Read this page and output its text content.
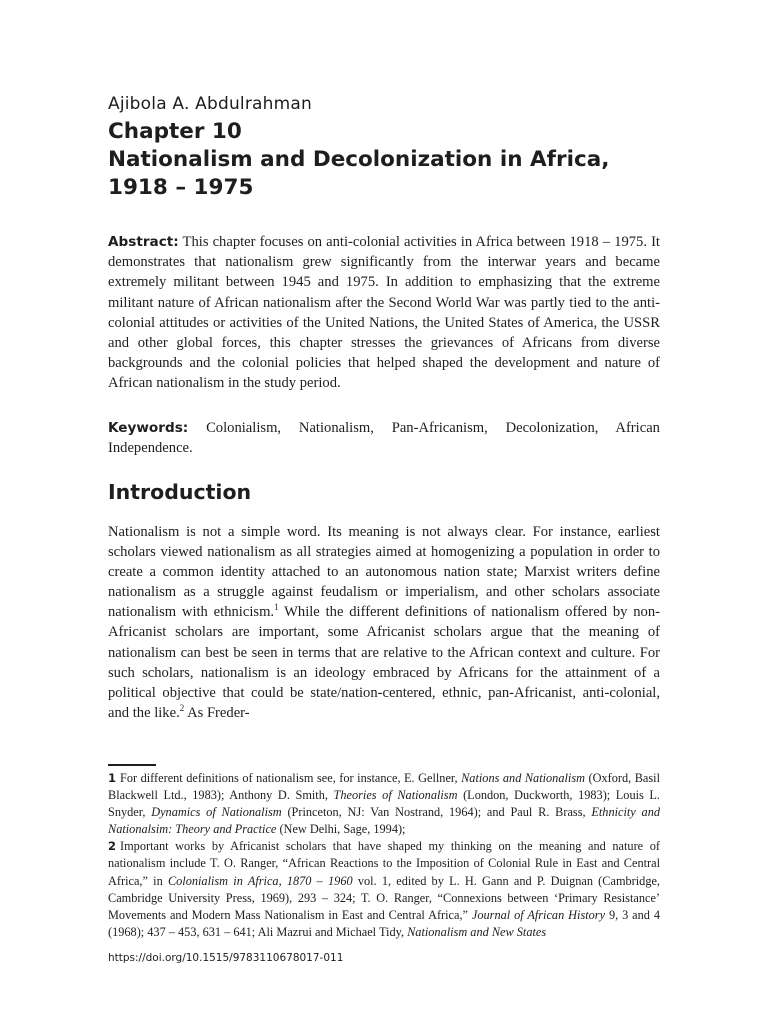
Ajibola A. Abdulrahman
Chapter 10
Nationalism and Decolonization in Africa,
1918 – 1975
Abstract: This chapter focuses on anti-colonial activities in Africa between 1918 – 1975. It demonstrates that nationalism grew significantly from the interwar years and became extremely militant between 1945 and 1975. In addition to emphasizing that the extreme militant nature of African nationalism after the Second World War was partly tied to the anti-colonial attitudes or activities of the United Nations, the United States of America, the USSR and other global forces, this chapter stresses the grievances of Africans from diverse backgrounds and the colonial policies that helped shaped the development and nature of African nationalism in the study period.
Keywords: Colonialism, Nationalism, Pan-Africanism, Decolonization, African Independence.
Introduction
Nationalism is not a simple word. Its meaning is not always clear. For instance, earliest scholars viewed nationalism as all strategies aimed at homogenizing a population in order to create a common identity attached to an autonomous nation state; Marxist writers define nationalism as a struggle against feudalism or imperialism, and other scholars associate nationalism with ethnicism.$^1$ While the different definitions of nationalism offered by non-Africanist scholars are important, some Africanist scholars argue that the meaning of nationalism can best be seen in terms that are relative to the African context and culture. For such scholars, nationalism is an ideology embraced by Africans for the attainment of a political objective that could be state/nation-centered, ethnic, pan-Africanist, anti-colonial, and the like.$^2$ As Freder-

1 For different definitions of nationalism see, for instance, E. Gellner, Nations and Nationalism (Oxford, Basil Blackwell Ltd., 1983); Anthony D. Smith, Theories of Nationalism (London, Duckworth, 1983); Louis L. Snyder, Dynamics of Nationalism (Princeton, NJ: Van Nostrand, 1964); and Paul R. Brass, Ethnicity and Nationalsim: Theory and Practice (New Delhi, Sage, 1994);

2 Important works by Africanist scholars that have shaped my thinking on the meaning and nature of nationalism include T. O. Ranger, “African Reactions to the Imposition of Colonial Rule in East and Central Africa,” in Colonialism in Africa, 1870 – 1960 vol. 1, edited by L. H. Gann and P. Duignan (Cambridge, Cambridge University Press, 1969), 293 – 324; T. O. Ranger, “Connexions between ‘Primary Resistance’ Movements and Modern Mass Nationalism in East and Central Africa,” Journal of African History 9, 3 and 4 (1968); 437 – 453, 631 – 641; Ali Mazrui and Michael Tidy, Nationalism and New States

https://doi.org/10.1515/9783110678017-011
